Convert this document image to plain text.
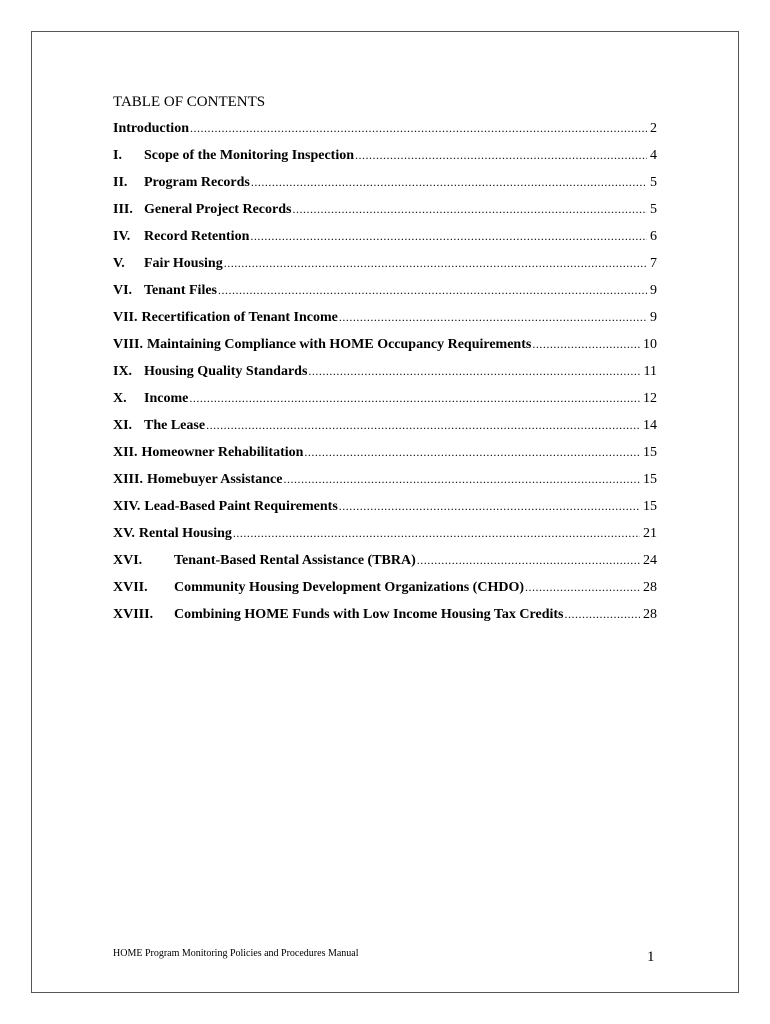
TABLE OF CONTENTS
Introduction .....	2
I.	Scope of the Monitoring Inspection .....	4
II.	Program Records .....	5
III. General Project Records .....	5
IV. Record Retention .....	6
V.	Fair Housing .....	7
VI. Tenant Files .....	9
VII. Recertification of Tenant Income .....	9
VIII. Maintaining Compliance with HOME Occupancy Requirements .....	10
IX. Housing Quality Standards .....	11
X.	Income .....	12
XI. The Lease .....	14
XII. Homeowner Rehabilitation .....	15
XIII. Homebuyer Assistance .....	15
XIV. Lead-Based Paint Requirements .....	15
XV. Rental Housing .....	21
XVI.	Tenant-Based Rental Assistance (TBRA) .....	24
XVII.	Community Housing Development Organizations (CHDO) .....	28
XVIII.	Combining HOME Funds with Low Income Housing Tax Credits .....	28
HOME Program Monitoring Policies and Procedures Manual	1
